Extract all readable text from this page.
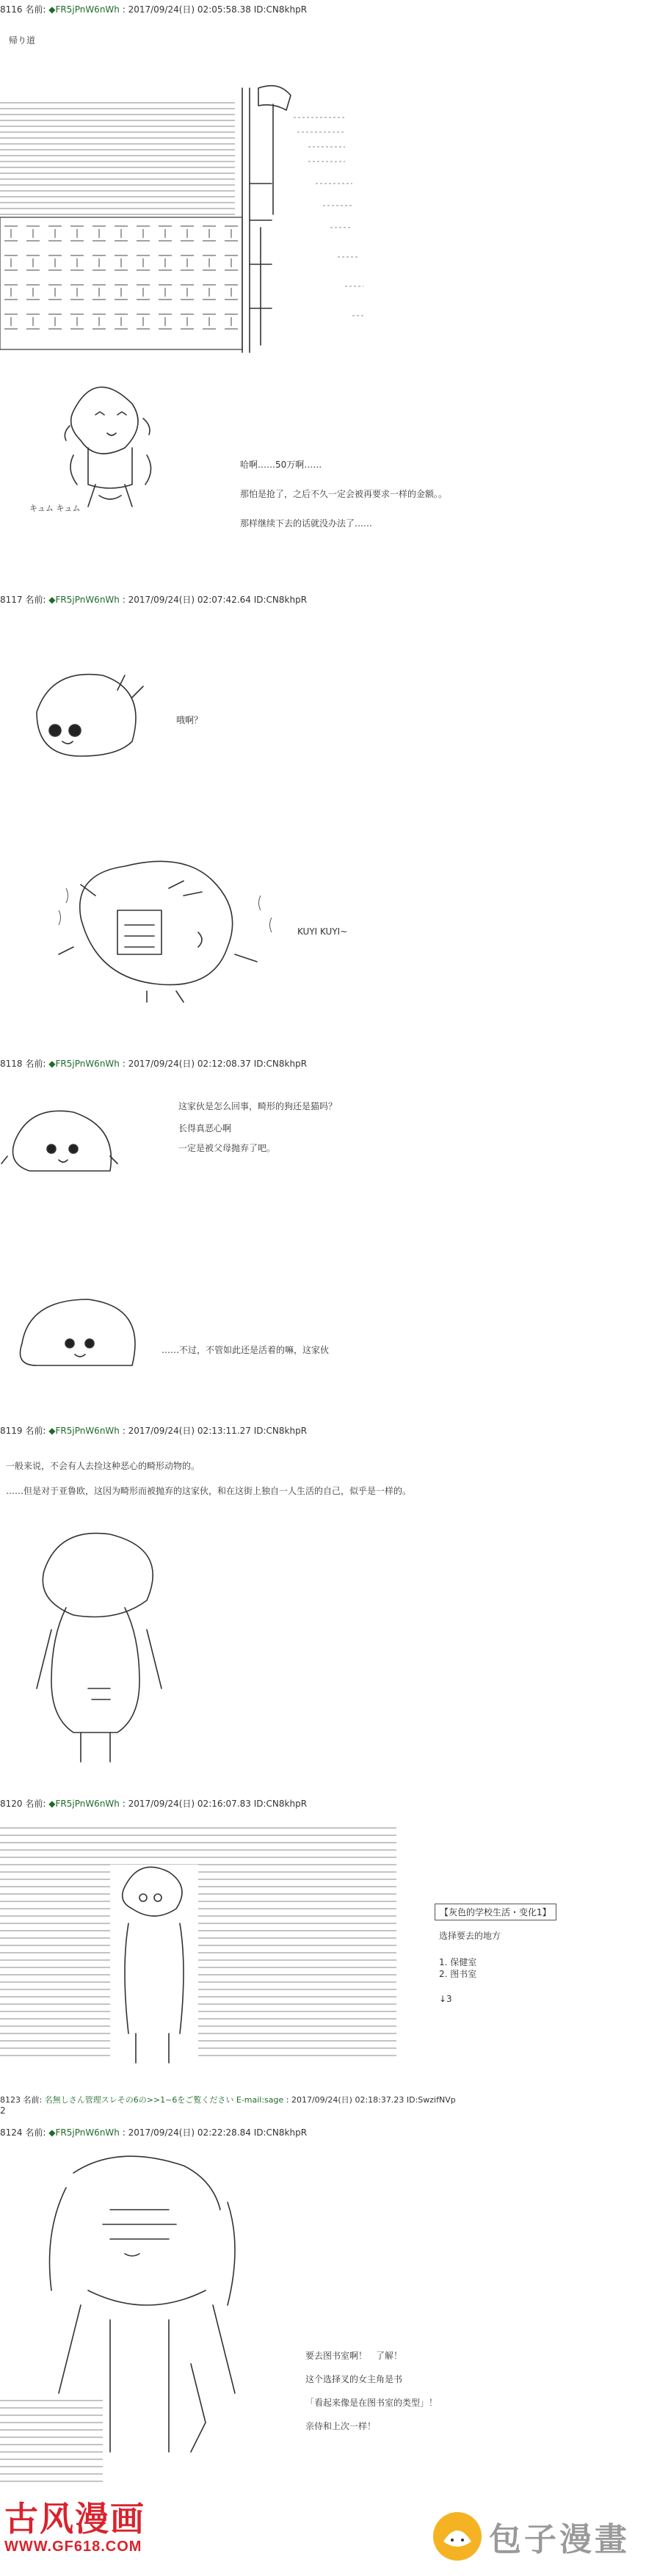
8116 名前: ◆FR5jPnW6nWh : 2017/09/24(日) 02:05:58.38 ID:CN8khpR
帰り道
キュム キュム
哈啊……50万啊……
那怕是抢了，之后不久一定会被再要求一样的金额。。
那样继续下去的话就没办法了……
8117 名前: ◆FR5jPnW6nWh : 2017/09/24(日) 02:07:42.64 ID:CN8khpR
哦啊？
KUYI KUYI~
8118 名前: ◆FR5jPnW6nWh : 2017/09/24(日) 02:12:08.37 ID:CN8khpR
这家伙是怎么回事，畸形的狗还是猫吗？
长得真恶心啊
一定是被父母抛弃了吧。
……不过，不管如此还是活着的嘛，这家伙
8119 名前: ◆FR5jPnW6nWh : 2017/09/24(日) 02:13:11.27 ID:CN8khpR
一般来说，不会有人去捡这种恶心的畸形动物的。
……但是对于亚鲁欧，这因为畸形而被抛弃的这家伙，和在这街上独自一人生活的自己，似乎是一样的。
8120 名前: ◆FR5jPnW6nWh : 2017/09/24(日) 02:16:07.83 ID:CN8khpR
【灰色的学校生活・变化1】
选择要去的地方
1. 保健室
2. 图书室
↓3
8123 名前: 名無しさん管理スレその6の>>1~6をご覧ください E-mail:sage : 2017/09/24(日) 02:18:37.23 ID:SwzifNVp
2
8124 名前: ◆FR5jPnW6nWh : 2017/09/24(日) 02:22:28.84 ID:CN8khpR
要去图书室啊！　了解！
这个选择叉的女主角是书
「看起来像是在图书室的类型」！
亲侍和上次一样！
古风漫画
WWW.GF618.COM	包子漫畫
